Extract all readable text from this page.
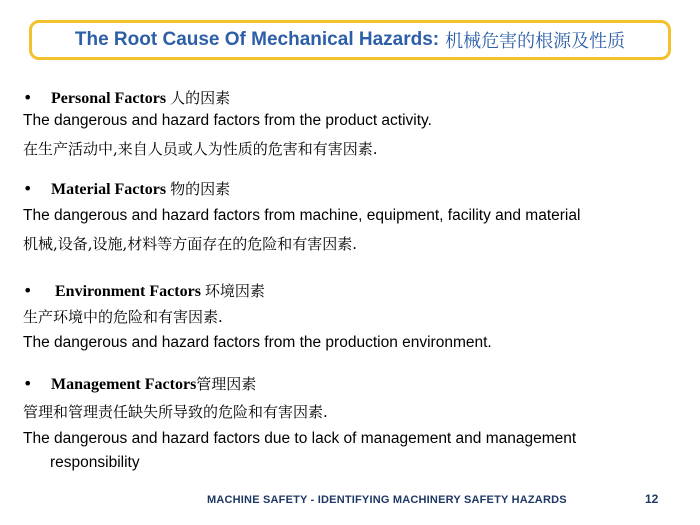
The Root Cause Of Mechanical Hazards: 机械危害的根源及性质
•	Personal Factors 人的因素
The dangerous and hazard factors from the product activity.
在生产活动中,来自人员或人为性质的危害和有害因素.
•	Material Factors 物的因素
The dangerous and hazard factors from machine, equipment, facility and material
机械,设备,设施,材料等方面存在的危险和有害因素.
•	Environment Factors 环境因素
生产环境中的危险和有害因素.
The dangerous and hazard factors from the production environment.
•	Management Factors 管理因素
管理和管理责任缺失所导致的危险和有害因素.
The dangerous and hazard factors due to lack of management and management
responsibility
MACHINE SAFETY - IDENTIFYING MACHINERY SAFETY HAZARDS	12
